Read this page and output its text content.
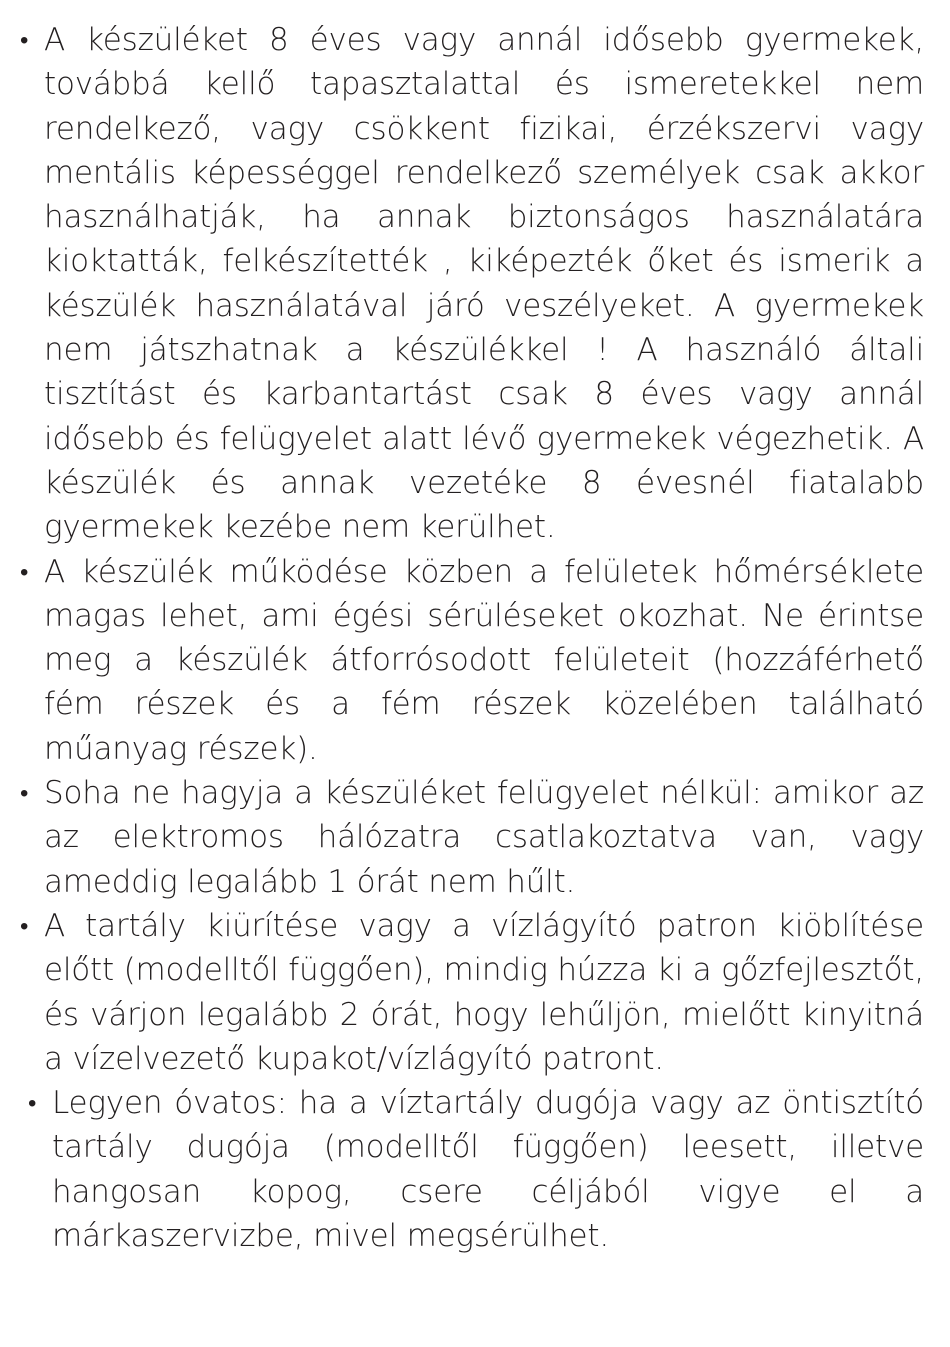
• A készüléket 8 éves vagy annál idősebb gyermekek, továbbá kellő tapasztalattal és ismeretekkel nem rendelkező, vagy csökkent fizikai, érzékszervi vagy mentális képességgel rendelkező személyek csak akkor használhatják, ha annak biztonságos használatára kioktatták, felkészítették , kiképezték őket és ismerik a készülék használatával járó veszélyeket. A gyermekek nem játszhatnak a készülékkel ! A használó általi tisztítást és karbantartást csak 8 éves vagy annál idősebb és felügyelet alatt lévő gyermekek végezhetik. A készülék és annak vezetéke 8 évesnél fiatalabb gyermekek kezébe nem kerülhet.
• A készülék működése közben a felületek hőmérséklete magas lehet, ami égési sérüléseket okozhat. Ne érintse meg a készülék átforrósodott felületeit (hozzáférhető fém részek és a fém részek közelében található műanyag részek).
• Soha ne hagyja a készüléket felügyelet nélkül: amikor az az elektromos hálózatra csatlakoztatva van, vagy ameddig legalább 1 órát nem hűlt.
• A tartály kiürítése vagy a vízlágyító patron kiöblítése előtt (modelltől függően), mindig húzza ki a gőzfejlesztőt, és várjon legalább 2 órát, hogy lehűljön, mielőtt kinyitná a vízelvezető kupakot/vízlágyító patront.
• Legyen óvatos: ha a víztartály dugója vagy az öntisztító tartály dugója (modelltől függően) leesett, illetve hangosan kopog, csere céljából vigye el a márkaszervizbe, mivel megsérülhet.
